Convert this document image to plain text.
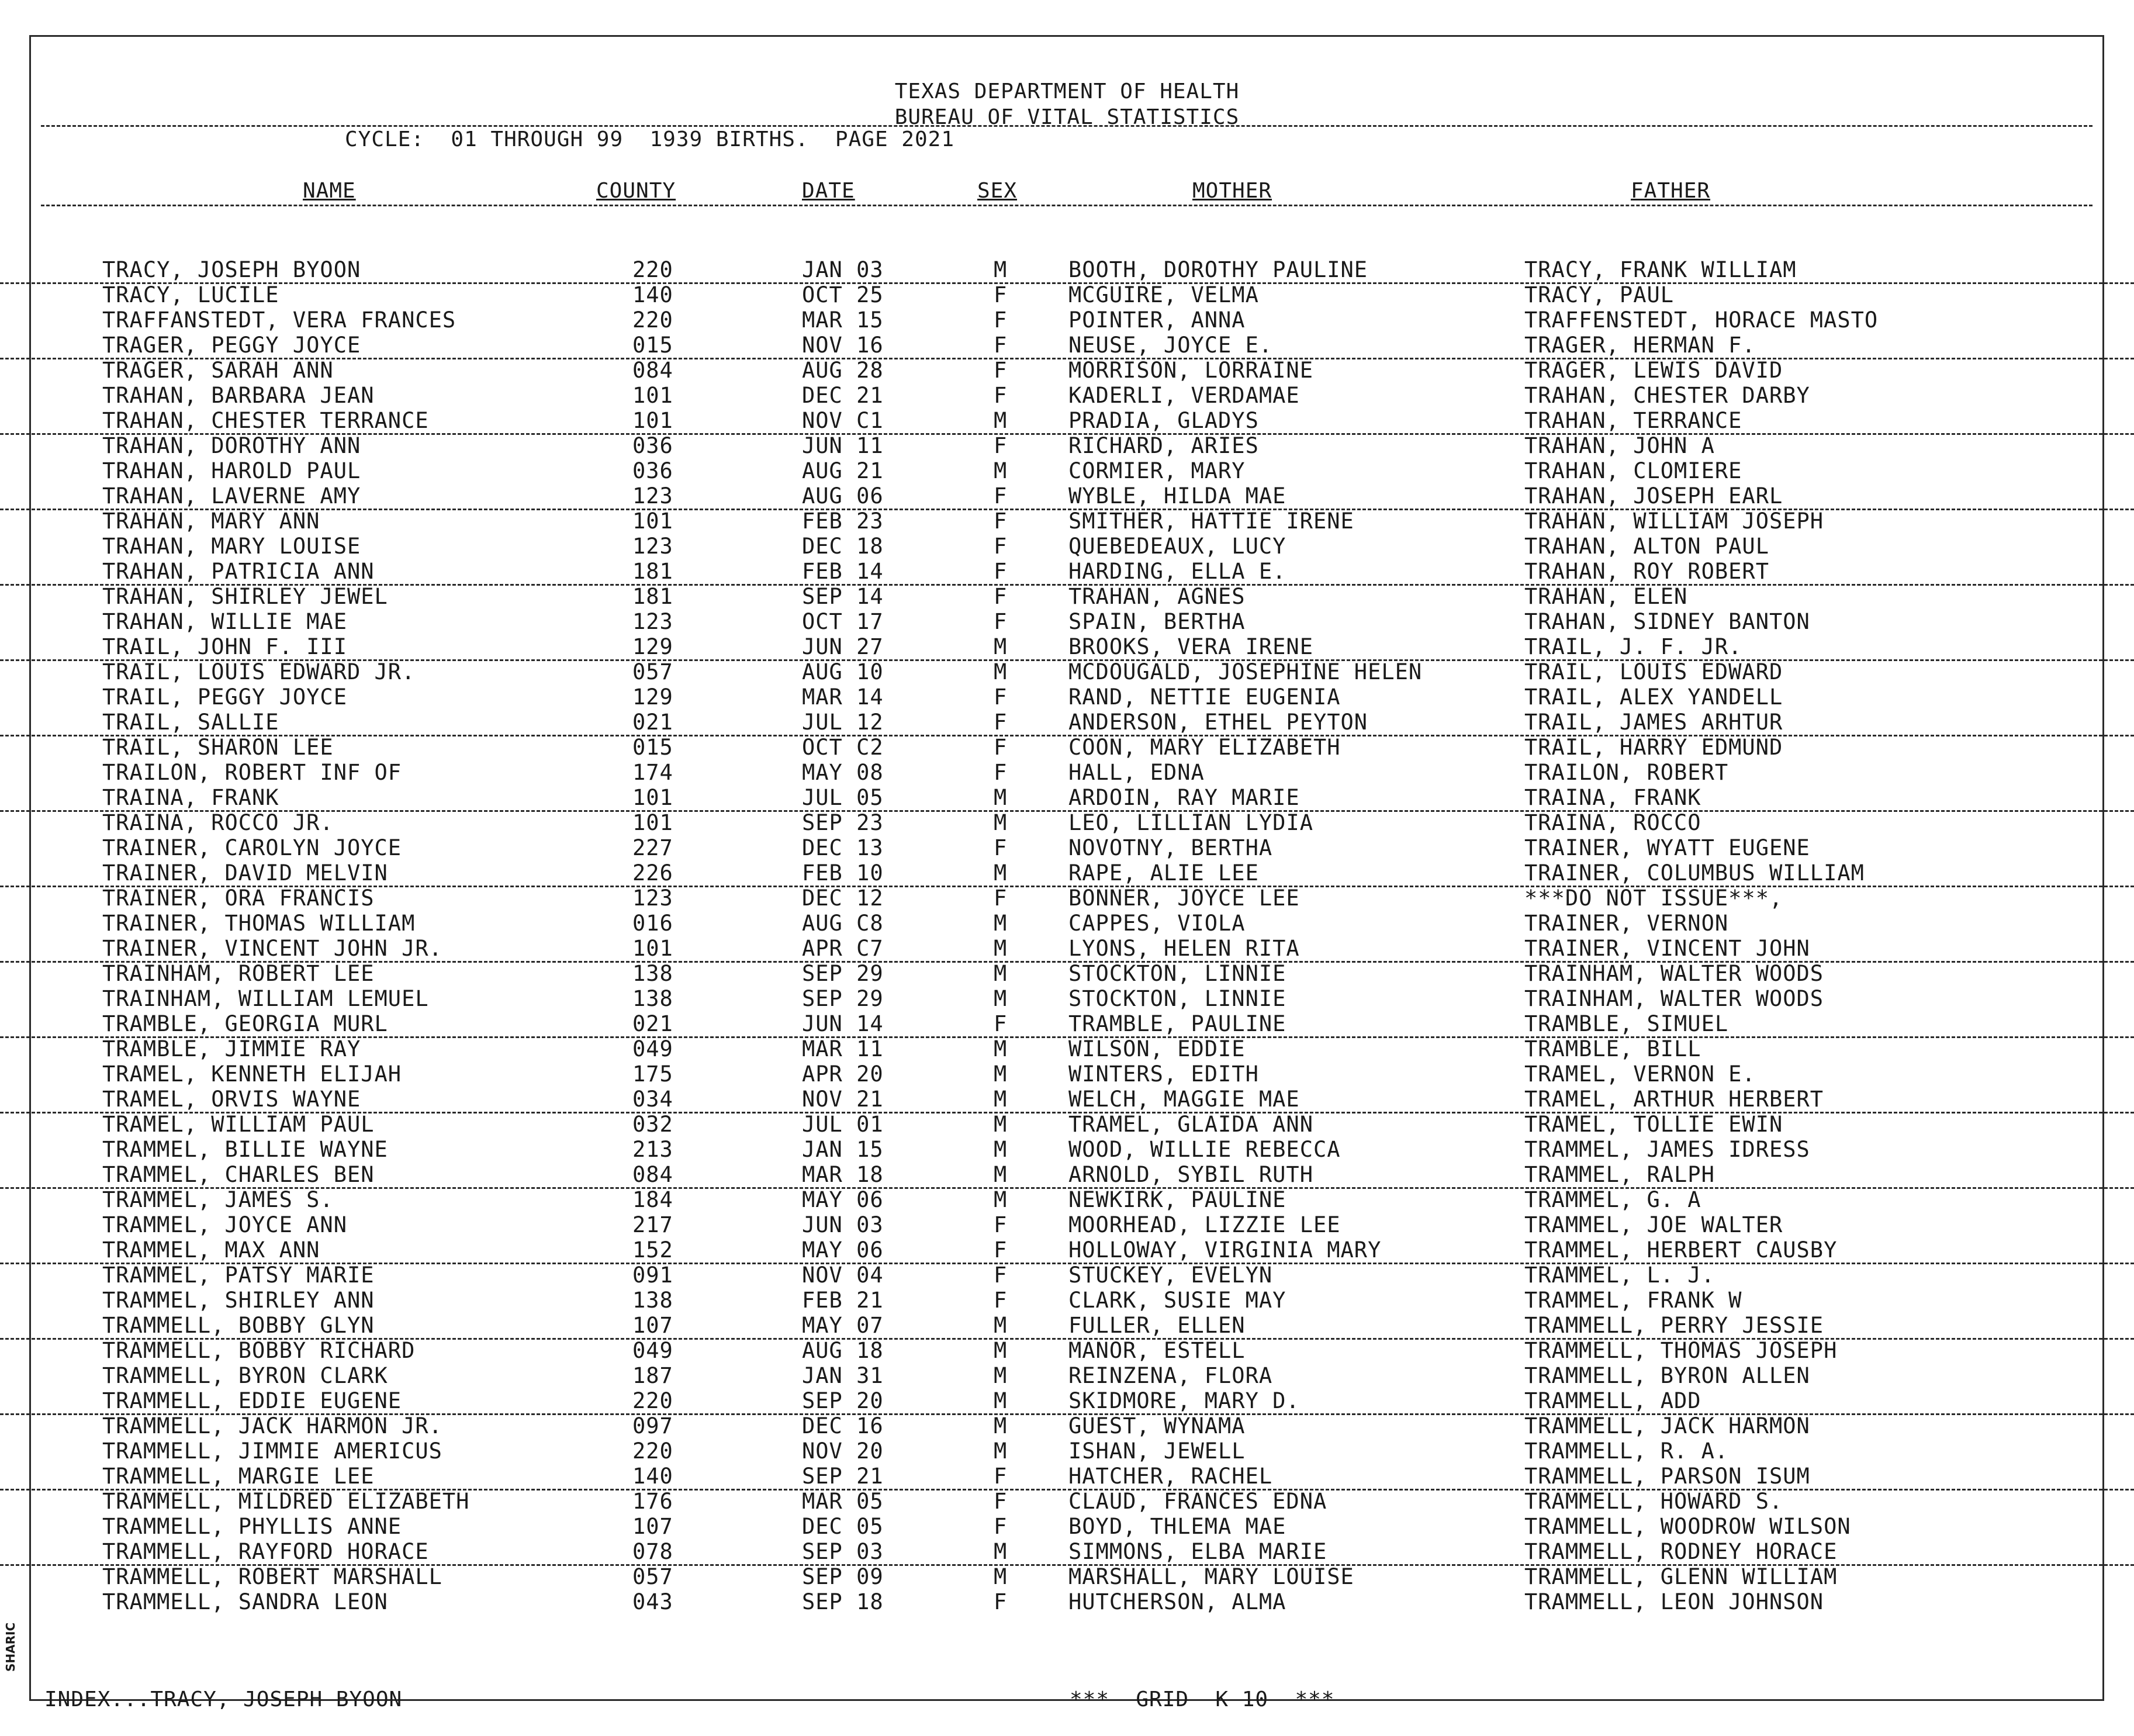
TEXAS DEPARTMENT OF HEALTH
BUREAU OF VITAL STATISTICS
CYCLE:  01 THROUGH 99  1939 BIRTHS.  PAGE 2021
NAME	COUNTY	DATE	SEX	MOTHER	FATHER
TRACY, JOSEPH BYOON	220	JAN 03	M	BOOTH, DOROTHY PAULINE	TRACY, FRANK WILLIAM
TRACY, LUCILE	140	OCT 25	F	MCGUIRE, VELMA	TRACY, PAUL
TRAFFANSTEDT, VERA FRANCES	220	MAR 15	F	POINTER, ANNA	TRAFFENSTEDT, HORACE MASTO
TRAGER, PEGGY JOYCE	015	NOV 16	F	NEUSE, JOYCE E.	TRAGER, HERMAN F.
TRAGER, SARAH ANN	084	AUG 28	F	MORRISON, LORRAINE	TRAGER, LEWIS DAVID
TRAHAN, BARBARA JEAN	101	DEC 21	F	KADERLI, VERDAMAE	TRAHAN, CHESTER DARBY
TRAHAN, CHESTER TERRANCE	101	NOV C1	M	PRADIA, GLADYS	TRAHAN, TERRANCE
TRAHAN, DOROTHY ANN	036	JUN 11	F	RICHARD, ARIES	TRAHAN, JOHN A
TRAHAN, HAROLD PAUL	036	AUG 21	M	CORMIER, MARY	TRAHAN, CLOMIERE
TRAHAN, LAVERNE AMY	123	AUG 06	F	WYBLE, HILDA MAE	TRAHAN, JOSEPH EARL
TRAHAN, MARY ANN	101	FEB 23	F	SMITHER, HATTIE IRENE	TRAHAN, WILLIAM JOSEPH
TRAHAN, MARY LOUISE	123	DEC 18	F	QUEBEDEAUX, LUCY	TRAHAN, ALTON PAUL
TRAHAN, PATRICIA ANN	181	FEB 14	F	HARDING, ELLA E.	TRAHAN, ROY ROBERT
TRAHAN, SHIRLEY JEWEL	181	SEP 14	F	TRAHAN, AGNES	TRAHAN, ELEN
TRAHAN, WILLIE MAE	123	OCT 17	F	SPAIN, BERTHA	TRAHAN, SIDNEY BANTON
TRAIL, JOHN F. III	129	JUN 27	M	BROOKS, VERA IRENE	TRAIL, J. F. JR.
TRAIL, LOUIS EDWARD JR.	057	AUG 10	M	MCDOUGALD, JOSEPHINE HELEN	TRAIL, LOUIS EDWARD
TRAIL, PEGGY JOYCE	129	MAR 14	F	RAND, NETTIE EUGENIA	TRAIL, ALEX YANDELL
TRAIL, SALLIE	021	JUL 12	F	ANDERSON, ETHEL PEYTON	TRAIL, JAMES ARHTUR
TRAIL, SHARON LEE	015	OCT C2	F	COON, MARY ELIZABETH	TRAIL, HARRY EDMUND
TRAILON, ROBERT INF OF	174	MAY 08	F	HALL, EDNA	TRAILON, ROBERT
TRAINA, FRANK	101	JUL 05	M	ARDOIN, RAY MARIE	TRAINA, FRANK
TRAINA, ROCCO JR.	101	SEP 23	M	LEO, LILLIAN LYDIA	TRAINA, ROCCO
TRAINER, CAROLYN JOYCE	227	DEC 13	F	NOVOTNY, BERTHA	TRAINER, WYATT EUGENE
TRAINER, DAVID MELVIN	226	FEB 10	M	RAPE, ALIE LEE	TRAINER, COLUMBUS WILLIAM
TRAINER, ORA FRANCIS	123	DEC 12	F	BONNER, JOYCE LEE	***DO NOT ISSUE***,
TRAINER, THOMAS WILLIAM	016	AUG C8	M	CAPPES, VIOLA	TRAINER, VERNON
TRAINER, VINCENT JOHN JR.	101	APR C7	M	LYONS, HELEN RITA	TRAINER, VINCENT JOHN
TRAINHAM, ROBERT LEE	138	SEP 29	M	STOCKTON, LINNIE	TRAINHAM, WALTER WOODS
TRAINHAM, WILLIAM LEMUEL	138	SEP 29	M	STOCKTON, LINNIE	TRAINHAM, WALTER WOODS
TRAMBLE, GEORGIA MURL	021	JUN 14	F	TRAMBLE, PAULINE	TRAMBLE, SIMUEL
TRAMBLE, JIMMIE RAY	049	MAR 11	M	WILSON, EDDIE	TRAMBLE, BILL
TRAMEL, KENNETH ELIJAH	175	APR 20	M	WINTERS, EDITH	TRAMEL, VERNON E.
TRAMEL, ORVIS WAYNE	034	NOV 21	M	WELCH, MAGGIE MAE	TRAMEL, ARTHUR HERBERT
TRAMEL, WILLIAM PAUL	032	JUL 01	M	TRAMEL, GLAIDA ANN	TRAMEL, TOLLIE EWIN
TRAMMEL, BILLIE WAYNE	213	JAN 15	M	WOOD, WILLIE REBECCA	TRAMMEL, JAMES IDRESS
TRAMMEL, CHARLES BEN	084	MAR 18	M	ARNOLD, SYBIL RUTH	TRAMMEL, RALPH
TRAMMEL, JAMES S.	184	MAY 06	M	NEWKIRK, PAULINE	TRAMMEL, G. A
TRAMMEL, JOYCE ANN	217	JUN 03	F	MOORHEAD, LIZZIE LEE	TRAMMEL, JOE WALTER
TRAMMEL, MAX ANN	152	MAY 06	F	HOLLOWAY, VIRGINIA MARY	TRAMMEL, HERBERT CAUSBY
TRAMMEL, PATSY MARIE	091	NOV 04	F	STUCKEY, EVELYN	TRAMMEL, L. J.
TRAMMEL, SHIRLEY ANN	138	FEB 21	F	CLARK, SUSIE MAY	TRAMMEL, FRANK W
TRAMMELL, BOBBY GLYN	107	MAY 07	M	FULLER, ELLEN	TRAMMELL, PERRY JESSIE
TRAMMELL, BOBBY RICHARD	049	AUG 18	M	MANOR, ESTELL	TRAMMELL, THOMAS JOSEPH
TRAMMELL, BYRON CLARK	187	JAN 31	M	REINZENA, FLORA	TRAMMELL, BYRON ALLEN
TRAMMELL, EDDIE EUGENE	220	SEP 20	M	SKIDMORE, MARY D.	TRAMMELL, ADD
TRAMMELL, JACK HARMON JR.	097	DEC 16	M	GUEST, WYNAMA	TRAMMELL, JACK HARMON
TRAMMELL, JIMMIE AMERICUS	220	NOV 20	M	ISHAN, JEWELL	TRAMMELL, R. A.
TRAMMELL, MARGIE LEE	140	SEP 21	F	HATCHER, RACHEL	TRAMMELL, PARSON ISUM
TRAMMELL, MILDRED ELIZABETH	176	MAR 05	F	CLAUD, FRANCES EDNA	TRAMMELL, HOWARD S.
TRAMMELL, PHYLLIS ANNE	107	DEC 05	F	BOYD, THLEMA MAE	TRAMMELL, WOODROW WILSON
TRAMMELL, RAYFORD HORACE	078	SEP 03	M	SIMMONS, ELBA MARIE	TRAMMELL, RODNEY HORACE
TRAMMELL, ROBERT MARSHALL	057	SEP 09	M	MARSHALL, MARY LOUISE	TRAMMELL, GLENN WILLIAM
TRAMMELL, SANDRA LEON	043	SEP 18	F	HUTCHERSON, ALMA	TRAMMELL, LEON JOHNSON
INDEX...TRACY, JOSEPH BYOON	***  GRID  K 10  ***
SHARIC
